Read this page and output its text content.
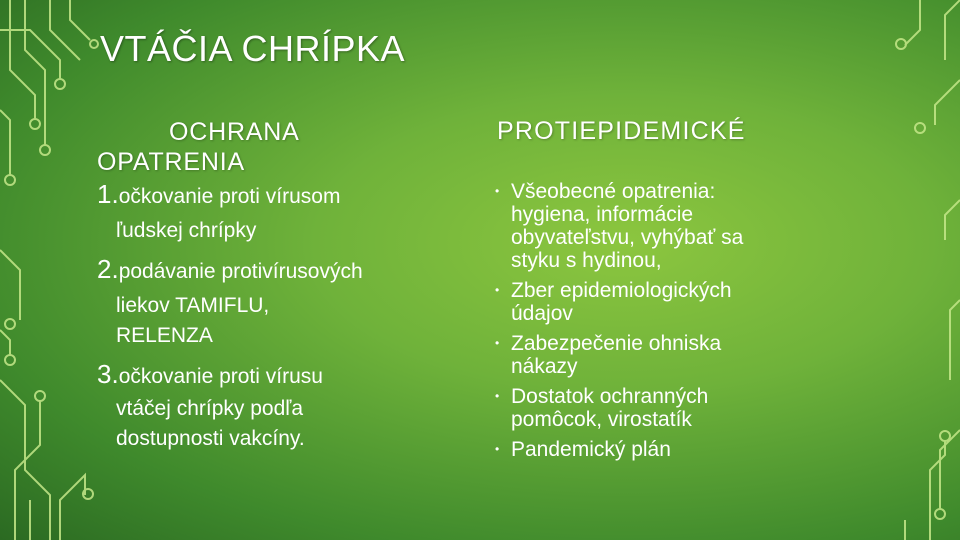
VTÁČIA CHRÍPKA
OCHRANA
OPATRENIA
1.očkovanie proti vírusom
ľudskej chrípky
2.podávanie protivírusových
liekov TAMIFLU,
RELENZA
3.očkovanie proti vírusu
vtáčej chrípky podľa
dostupnosti vakcíny.
PROTIEPIDEMICKÉ
• Všeobecné opatrenia:
hygiena, informácie
obyvateľstvu, vyhýbať sa
styku s hydinou,
• Zber epidemiologických
údajov
• Zabezpečenie ohniska
nákazy
• Dostatok ochranných
pomôcok, virostatík
• Pandemický plán
